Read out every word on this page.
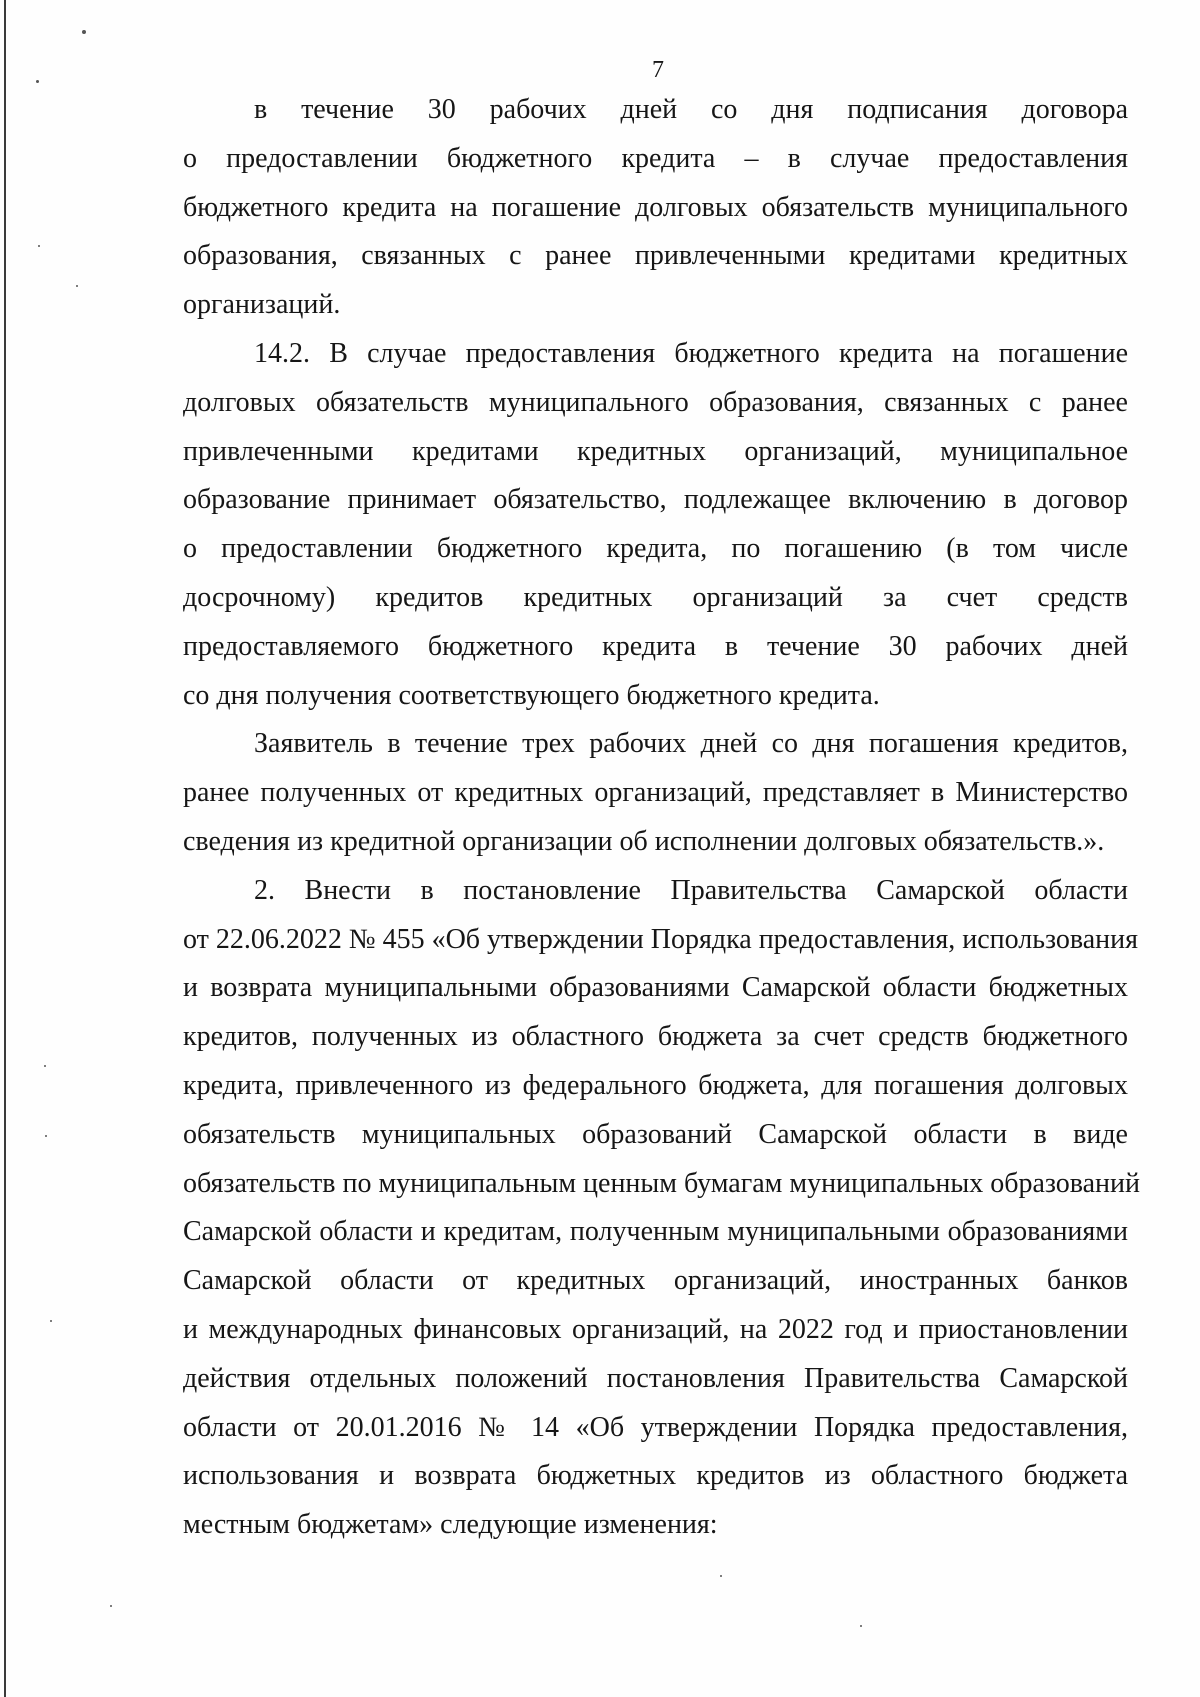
7
в течение 30 рабочих дней со дня подписания договора
о предоставлении бюджетного кредита – в случае предоставления
бюджетного кредита на погашение долговых обязательств муниципального
образования, связанных с ранее привлеченными кредитами кредитных
организаций.
14.2. В случае предоставления бюджетного кредита на погашение
долговых обязательств муниципального образования, связанных с ранее
привлеченными кредитами кредитных организаций, муниципальное
образование принимает обязательство, подлежащее включению в договор
о предоставлении бюджетного кредита, по погашению (в том числе
досрочному) кредитов кредитных организаций за счет средств
предоставляемого бюджетного кредита в течение 30 рабочих дней
со дня получения соответствующего бюджетного кредита.
Заявитель в течение трех рабочих дней со дня погашения кредитов,
ранее полученных от кредитных организаций, представляет в Министерство
сведения из кредитной организации об исполнении долговых обязательств.».
2. Внести в постановление Правительства Самарской области
от 22.06.2022 № 455 «Об утверждении Порядка предоставления, использования
и возврата муниципальными образованиями Самарской области бюджетных
кредитов, полученных из областного бюджета за счет средств бюджетного
кредита, привлеченного из федерального бюджета, для погашения долговых
обязательств муниципальных образований Самарской области в виде
обязательств по муниципальным ценным бумагам муниципальных образований
Самарской области и кредитам, полученным муниципальными образованиями
Самарской области от кредитных организаций, иностранных банков
и международных финансовых организаций, на 2022 год и приостановлении
действия отдельных положений постановления Правительства Самарской
области от 20.01.2016 № 14 «Об утверждении Порядка предоставления,
использования и возврата бюджетных кредитов из областного бюджета
местным бюджетам» следующие изменения:
